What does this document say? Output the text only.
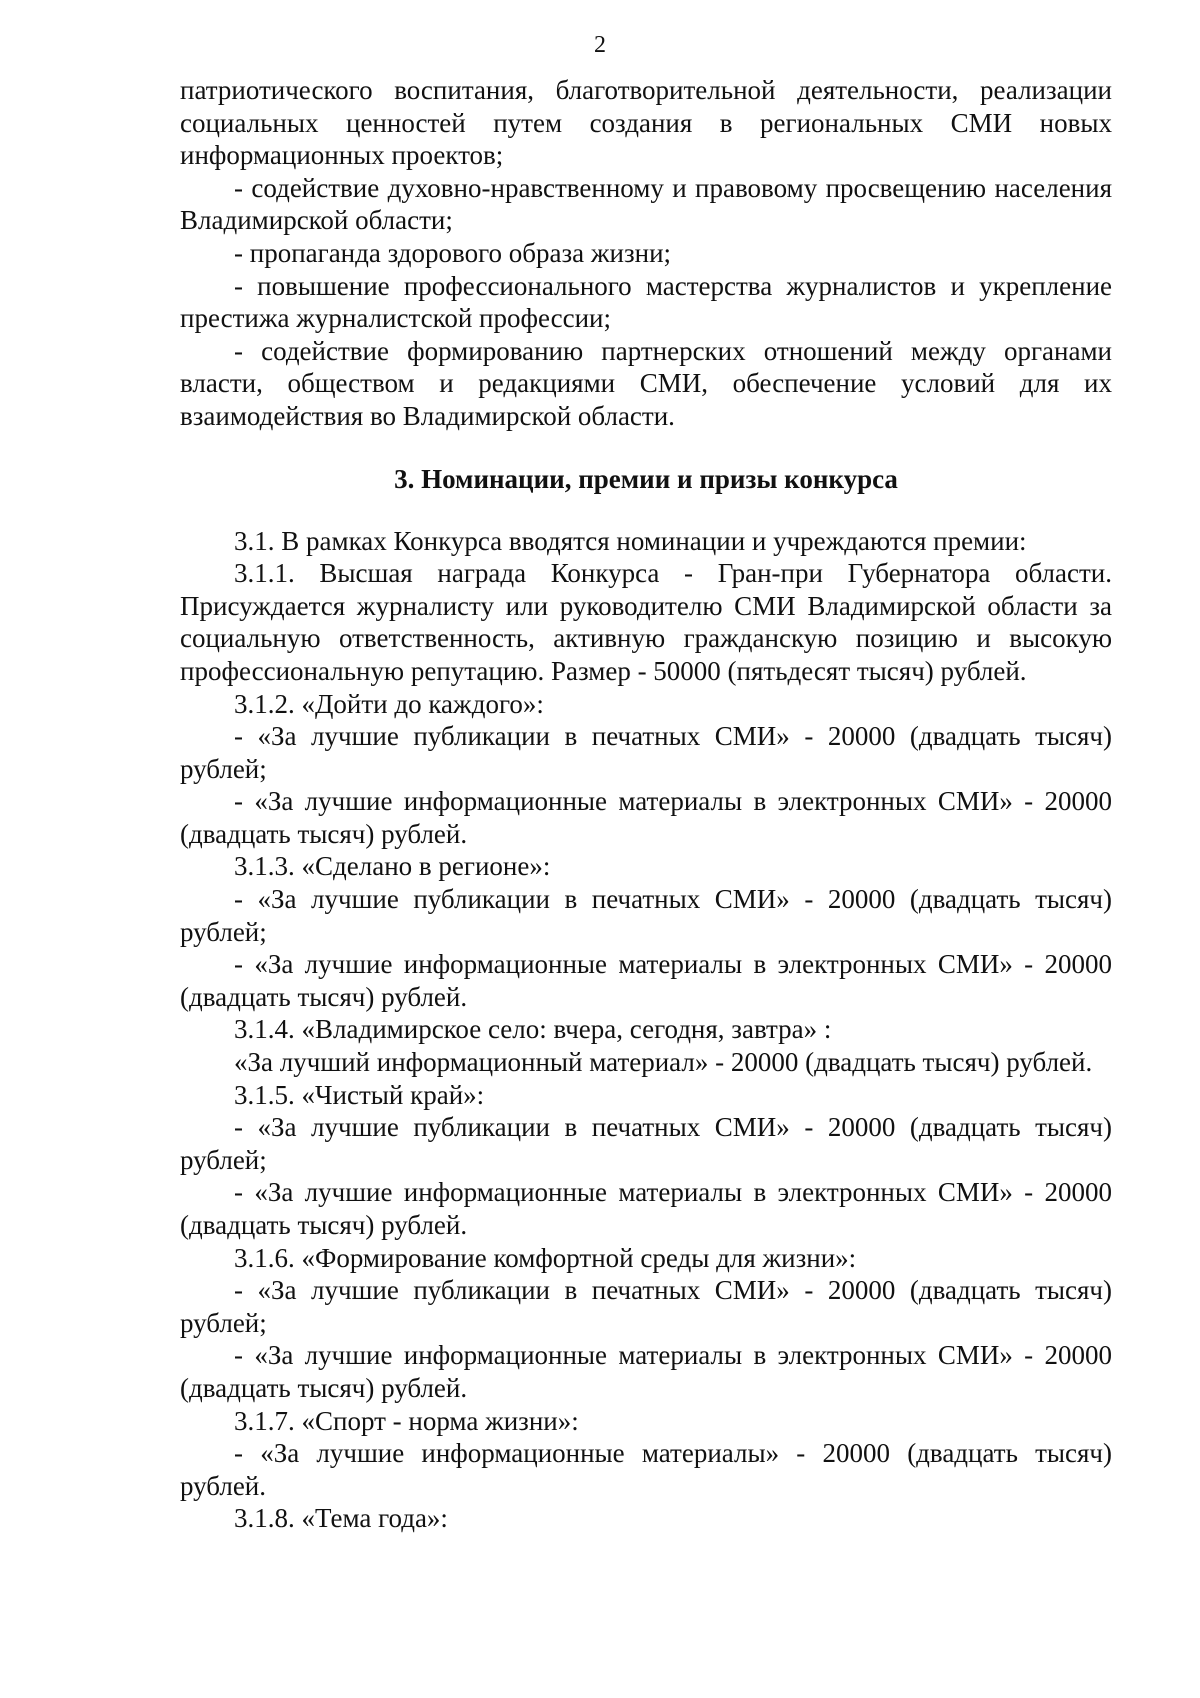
2

патриотического воспитания, благотворительной деятельности, реализации социальных ценностей путем создания в региональных СМИ новых информационных проектов;

- содействие духовно-нравственному и правовому просвещению населения Владимирской области;

- пропаганда здорового образа жизни;

- повышение профессионального мастерства журналистов и укрепление престижа журналистской профессии;

- содействие формированию партнерских отношений между органами власти, обществом и редакциями СМИ, обеспечение условий для их взаимодействия во Владимирской области.

3. Номинации, премии и призы конкурса

3.1. В рамках Конкурса вводятся номинации и учреждаются премии:

3.1.1. Высшая награда Конкурса - Гран-при Губернатора области. Присуждается журналисту или руководителю СМИ Владимирской области за социальную ответственность, активную гражданскую позицию и высокую профессиональную репутацию. Размер - 50000 (пятьдесят тысяч) рублей.

3.1.2. «Дойти до каждого»:

- «За лучшие публикации в печатных СМИ» - 20000 (двадцать тысяч) рублей;

- «За лучшие информационные материалы в электронных СМИ» - 20000 (двадцать тысяч) рублей.

3.1.3. «Сделано в регионе»:

- «За лучшие публикации в печатных СМИ» - 20000 (двадцать тысяч) рублей;

- «За лучшие информационные материалы в электронных СМИ» - 20000 (двадцать тысяч) рублей.

3.1.4. «Владимирское село: вчера, сегодня, завтра» :

«За лучший информационный материал» - 20000 (двадцать тысяч) рублей.

3.1.5. «Чистый край»:

- «За лучшие публикации в печатных СМИ» - 20000 (двадцать тысяч) рублей;

- «За лучшие информационные материалы в электронных СМИ» - 20000 (двадцать тысяч) рублей.

3.1.6. «Формирование комфортной среды для жизни»:

- «За лучшие публикации в печатных СМИ» - 20000 (двадцать тысяч) рублей;

- «За лучшие информационные материалы в электронных СМИ» - 20000 (двадцать тысяч) рублей.

3.1.7. «Спорт - норма жизни»:

- «За лучшие информационные материалы» - 20000 (двадцать тысяч) рублей.

3.1.8. «Тема года»:
